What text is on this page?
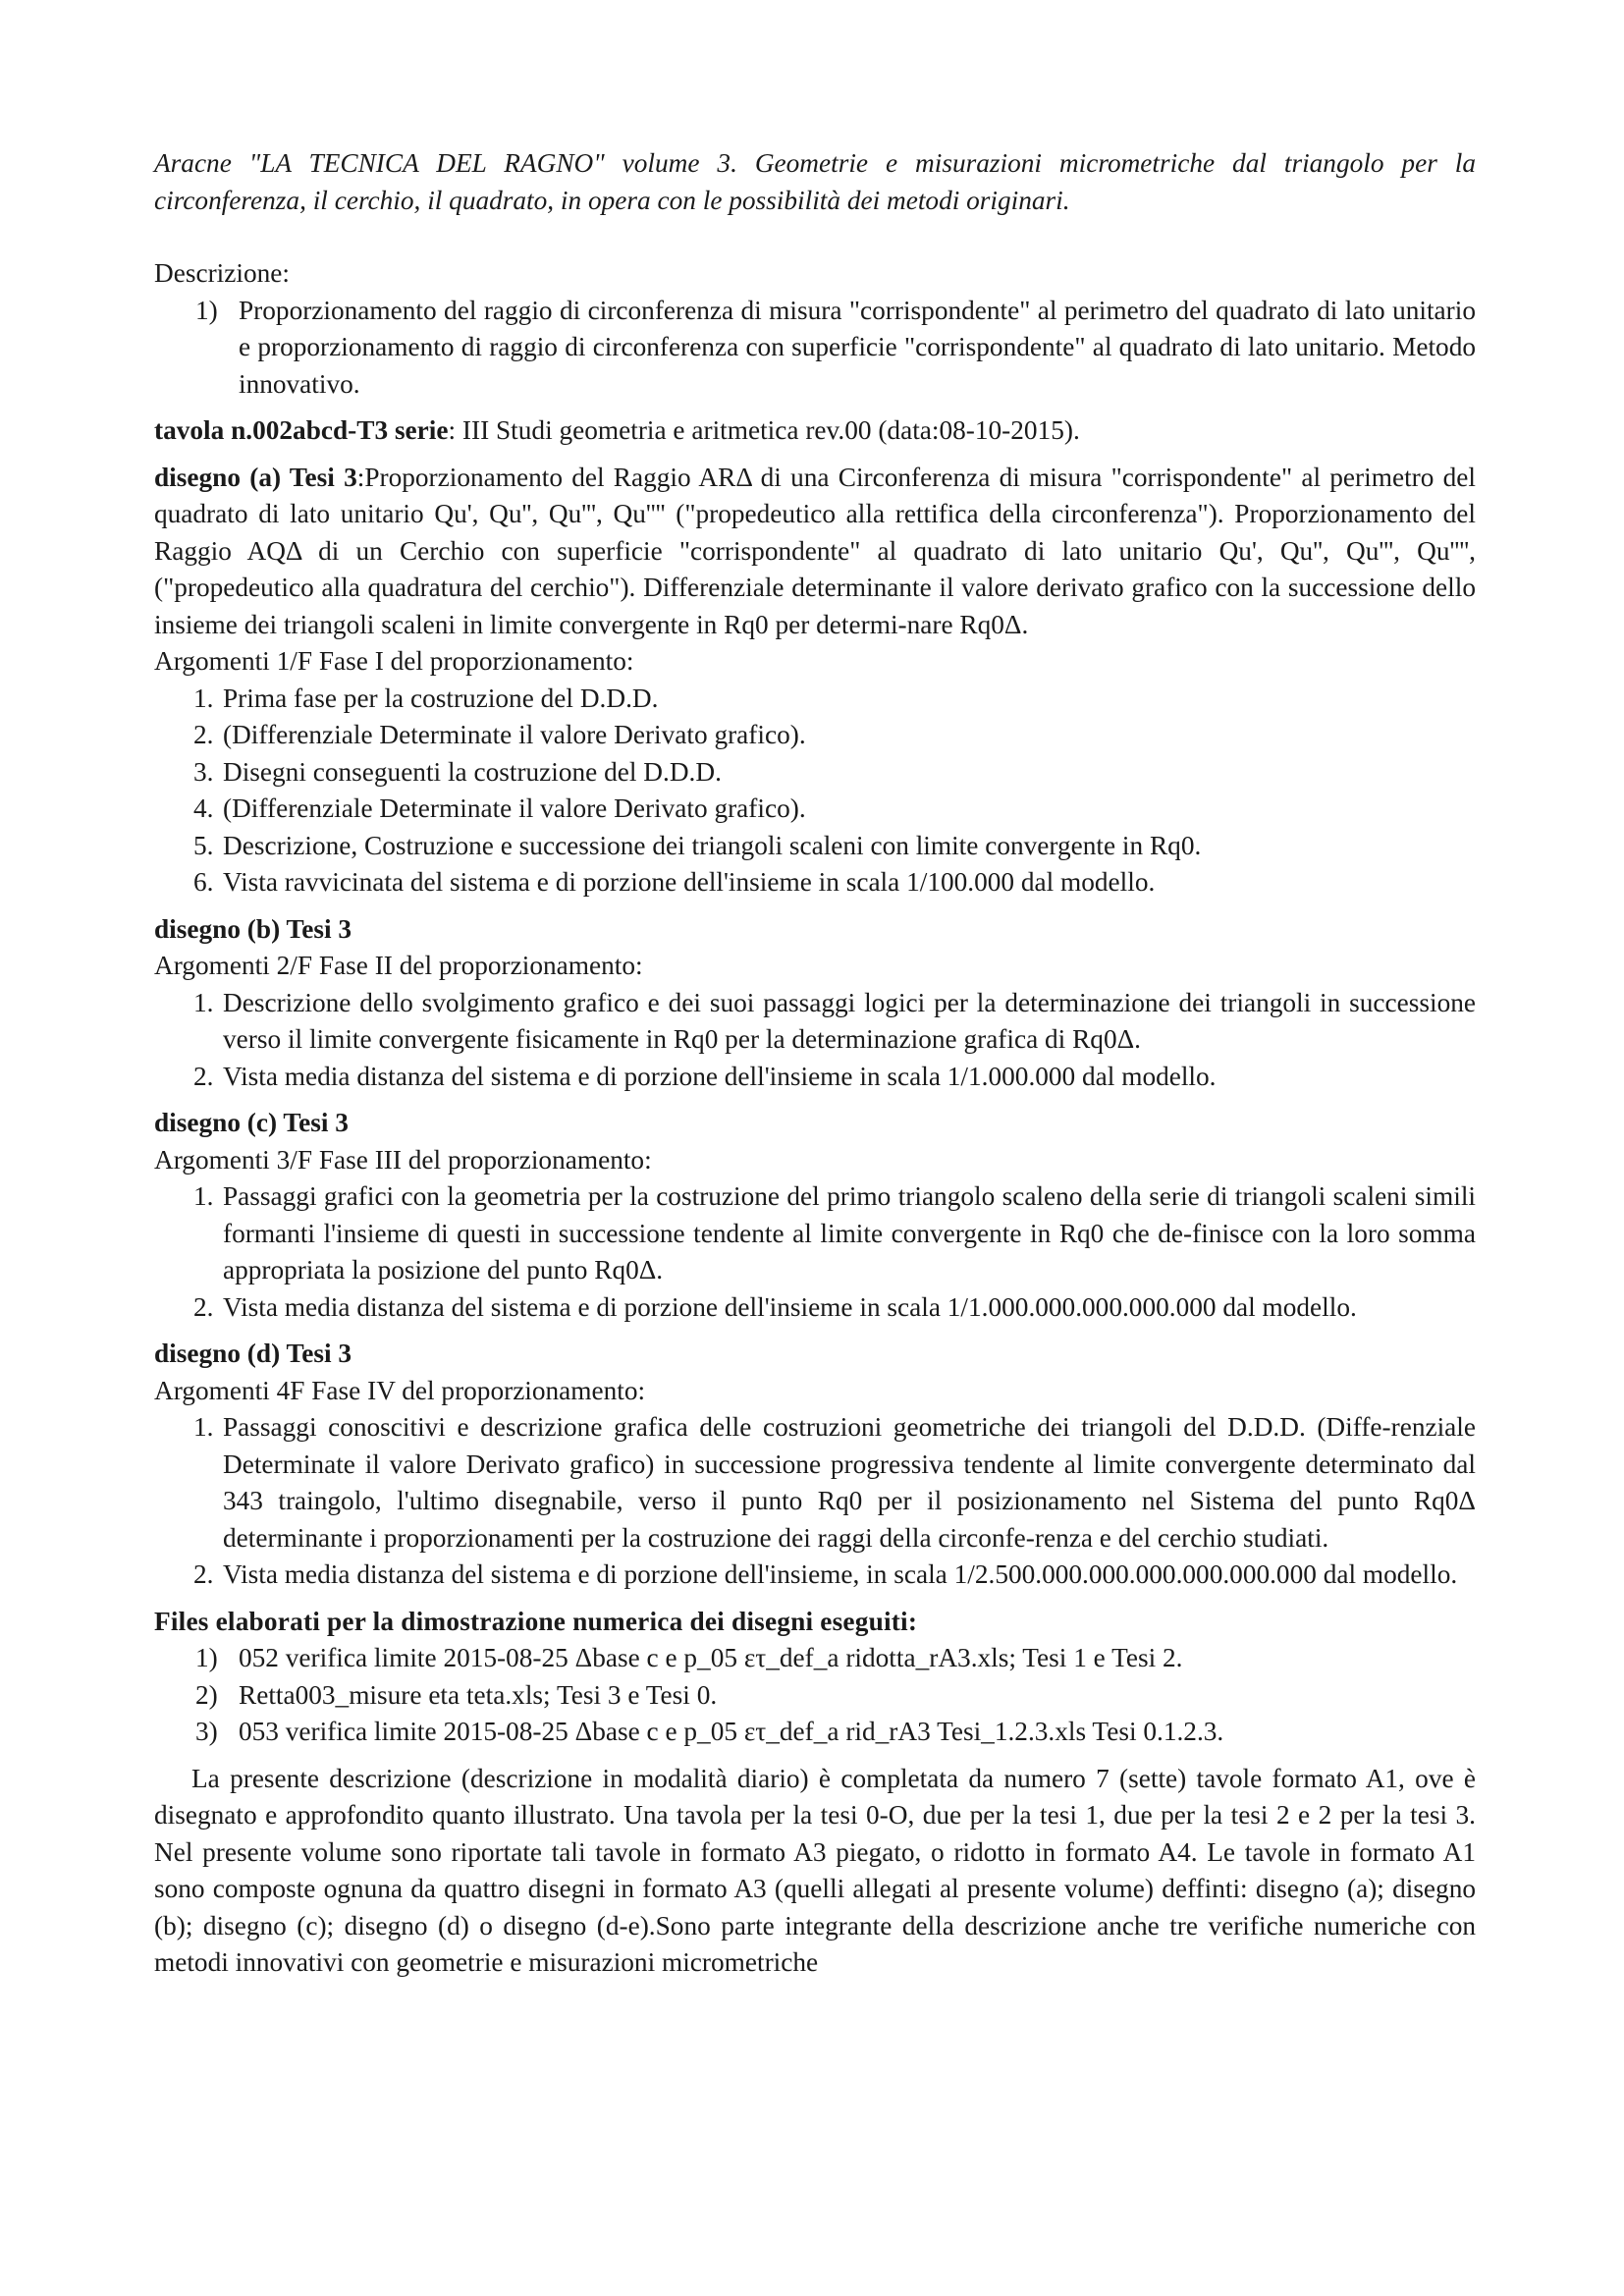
Aracne "LA TECNICA DEL RAGNO" volume 3. Geometrie e misurazioni micrometriche dal triangolo per la circonferenza, il cerchio, il quadrato, in opera con le possibilità dei metodi originari.

Descrizione:

1) Proporzionamento del raggio di circonferenza di misura "corrispondente" al perimetro del quadrato di lato unitario e proporzionamento di raggio di circonferenza con superficie "corrispondente" al quadrato di lato unitario. Metodo innovativo.

tavola n.002abcd-T3 serie: III Studi geometria e aritmetica rev.00 (data:08-10-2015).

disegno (a) Tesi 3:Proporzionamento del Raggio ARΔ di una Circonferenza di misura "corrispondente" al perimetro del quadrato di lato unitario Qu', Qu'', Qu''', Qu'''' ("propedeutico alla rettifica della circonferenza"). Proporzionamento del Raggio AQΔ di un Cerchio con superficie "corrispondente" al quadrato di lato unitario Qu', Qu'', Qu''', Qu'''', ("propedeutico alla quadratura del cerchio"). Differenziale determinante il valore derivato grafico con la successione dello insieme dei triangoli scaleni in limite convergente in Rq0 per determi-nare Rq0Δ.

Argomenti 1/F Fase I del proporzionamento:

1. Prima fase per la costruzione del D.D.D.
2. (Differenziale Determinate il valore Derivato grafico).
3. Disegni conseguenti la costruzione del D.D.D.
4. (Differenziale Determinate il valore Derivato grafico).
5. Descrizione, Costruzione e successione dei triangoli scaleni con limite convergente in Rq0.
6. Vista ravvicinata del sistema e di porzione dell'insieme in scala 1/100.000 dal modello.

disegno (b) Tesi 3

Argomenti 2/F Fase II del proporzionamento:

1. Descrizione dello svolgimento grafico e dei suoi passaggi logici per la determinazione dei triangoli in successione verso il limite convergente fisicamente in Rq0 per la determinazione grafica di Rq0Δ.
2. Vista media distanza del sistema e di porzione dell'insieme in scala 1/1.000.000 dal modello.

disegno (c) Tesi 3

Argomenti 3/F Fase III del proporzionamento:

1. Passaggi grafici con la geometria per la costruzione del primo triangolo scaleno della serie di triangoli scaleni simili formanti l'insieme di questi in successione tendente al limite convergente in Rq0 che de-finisce con la loro somma appropriata la posizione del punto Rq0Δ.
2. Vista media distanza del sistema e di porzione dell'insieme in scala 1/1.000.000.000.000.000 dal modello.

disegno (d) Tesi 3

Argomenti 4F Fase IV del proporzionamento:

1. Passaggi conoscitivi e descrizione grafica delle costruzioni geometriche dei triangoli del D.D.D. (Diffe-renziale Determinate il valore Derivato grafico) in successione progressiva tendente al limite convergente determinato dal 343 traingolo, l'ultimo disegnabile, verso il punto Rq0 per il posizionamento nel Sistema del punto Rq0Δ determinante i proporzionamenti per la costruzione dei raggi della circonfe-renza e del cerchio studiati.
2. Vista media distanza del sistema e di porzione dell'insieme, in scala 1/2.500.000.000.000.000.000.000 dal modello.

Files elaborati per la dimostrazione numerica dei disegni eseguiti:

1) 052 verifica limite 2015-08-25 Δbase c e p_05 ετ_def_a ridotta_rA3.xls; Tesi 1 e Tesi 2.
2) Retta003_misure eta teta.xls; Tesi 3 e Tesi 0.
3) 053 verifica limite 2015-08-25 Δbase c e p_05 ετ_def_a rid_rA3 Tesi_1.2.3.xls Tesi 0.1.2.3.

La presente descrizione (descrizione in modalità diario) è completata da numero 7 (sette) tavole formato A1, ove è disegnato e approfondito quanto illustrato. Una tavola per la tesi 0-O, due per la tesi 1, due per la tesi 2 e 2 per la tesi 3. Nel presente volume sono riportate tali tavole in formato A3 piegato, o ridotto in formato A4. Le tavole in formato A1 sono composte ognuna da quattro disegni in formato A3 (quelli allegati al presente volume) deffinti: disegno (a); disegno (b); disegno (c); disegno (d) o disegno (d-e).Sono parte integrante della descrizione anche tre verifiche numeriche con metodi innovativi con geometrie e misurazioni micrometriche
